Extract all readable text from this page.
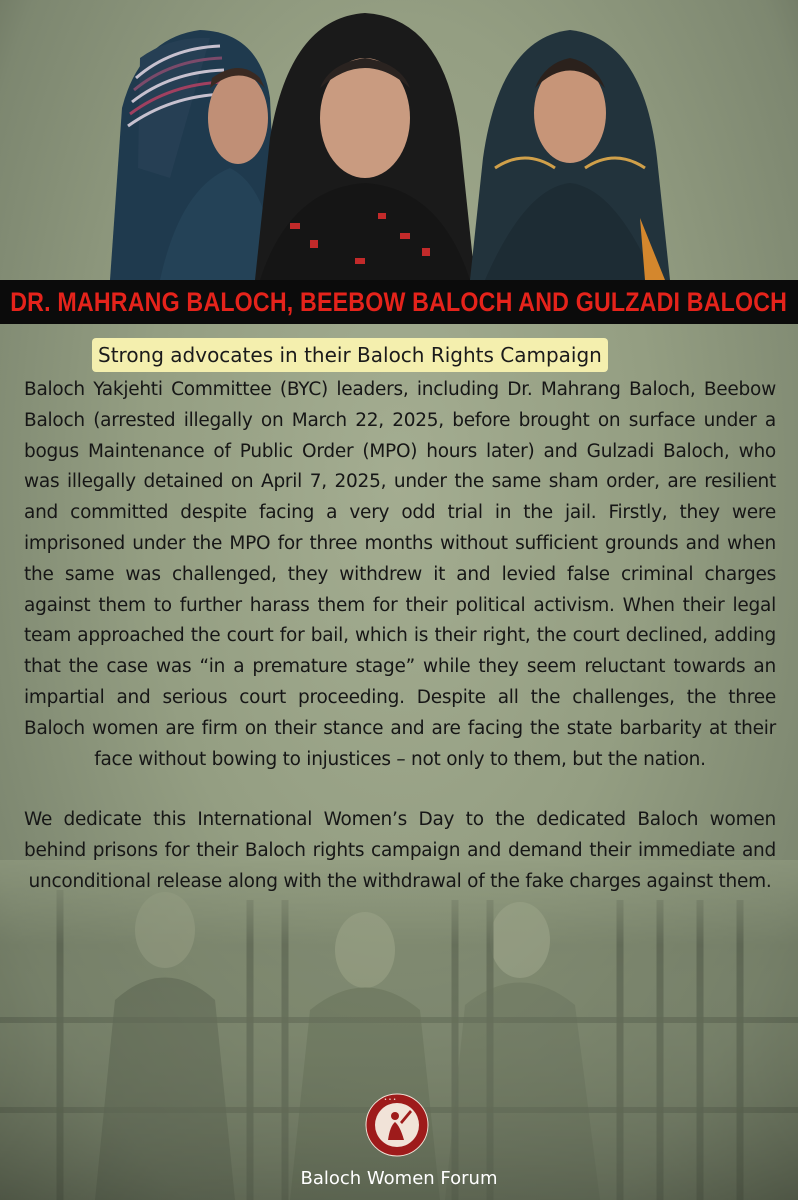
DR. MAHRANG BALOCH, BEEBOW BALOCH AND GULZADI BALOCH
Strong advocates in their Baloch Rights Campaign

Baloch Yakjehti Committee (BYC) leaders, including Dr. Mahrang Baloch, Beebow Baloch (arrested illegally on March 22, 2025, before brought on surface under a bogus Maintenance of Public Order (MPO) hours later) and Gulzadi Baloch, who was illegally detained on April 7, 2025, under the same sham order, are resilient and committed despite facing a very odd trial in the jail. Firstly, they were imprisoned under the MPO for three months without sufficient grounds and when the same was challenged, they withdrew it and levied false criminal charges against them to further harass them for their political activism. When their legal team approached the court for bail, which is their right, the court declined, adding that the case was “in a premature stage” while they seem reluctant towards an impartial and serious court proceeding. Despite all the challenges, the three Baloch women are firm on their stance and are facing the state barbarity at their face without bowing to injustices – not only to them, but the nation.

We dedicate this International Women’s Day to the dedicated Baloch women behind prisons for their Baloch rights campaign and demand their immediate and unconditional release along with the withdrawal of the fake charges against them.

• • •
Baloch Women Forum
